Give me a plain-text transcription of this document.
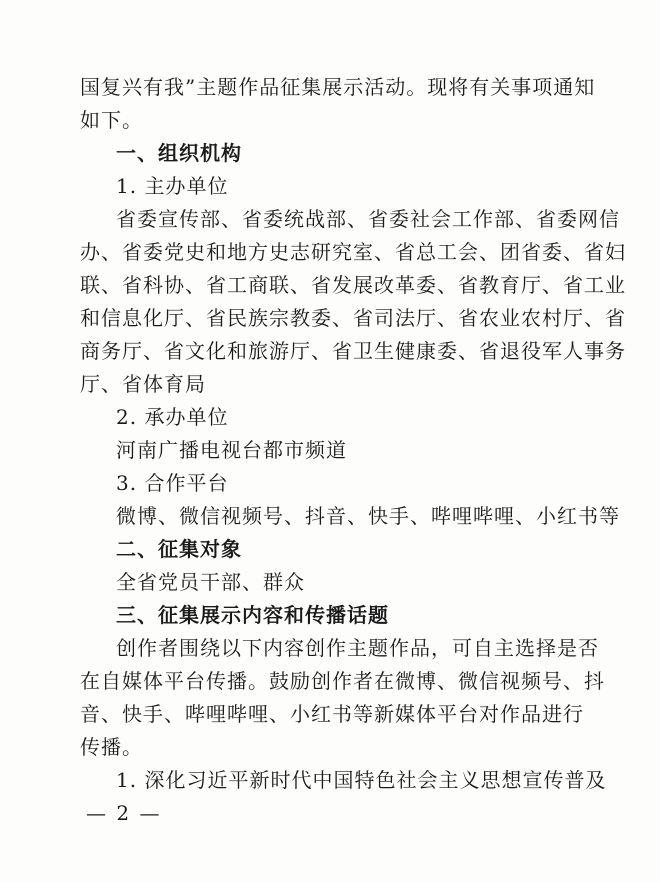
国复兴有我”主题作品征集展示活动。现将有关事项通知
如下。
一、组织机构
1. 主办单位
省委宣传部、省委统战部、省委社会工作部、省委网信
办、省委党史和地方史志研究室、省总工会、团省委、省妇
联、省科协、省工商联、省发展改革委、省教育厅、省工业
和信息化厅、省民族宗教委、省司法厅、省农业农村厅、省
商务厅、省文化和旅游厅、省卫生健康委、省退役军人事务
厅、省体育局
2. 承办单位
河南广播电视台都市频道
3. 合作平台
微博、微信视频号、抖音、快手、哔哩哔哩、小红书等
二、征集对象
全省党员干部、群众
三、征集展示内容和传播话题
创作者围绕以下内容创作主题作品，可自主选择是否
在自媒体平台传播。鼓励创作者在微博、微信视频号、抖
音、快手、哔哩哔哩、小红书等新媒体平台对作品进行
传播。
1. 深化习近平新时代中国特色社会主义思想宣传普及
— 2 —
